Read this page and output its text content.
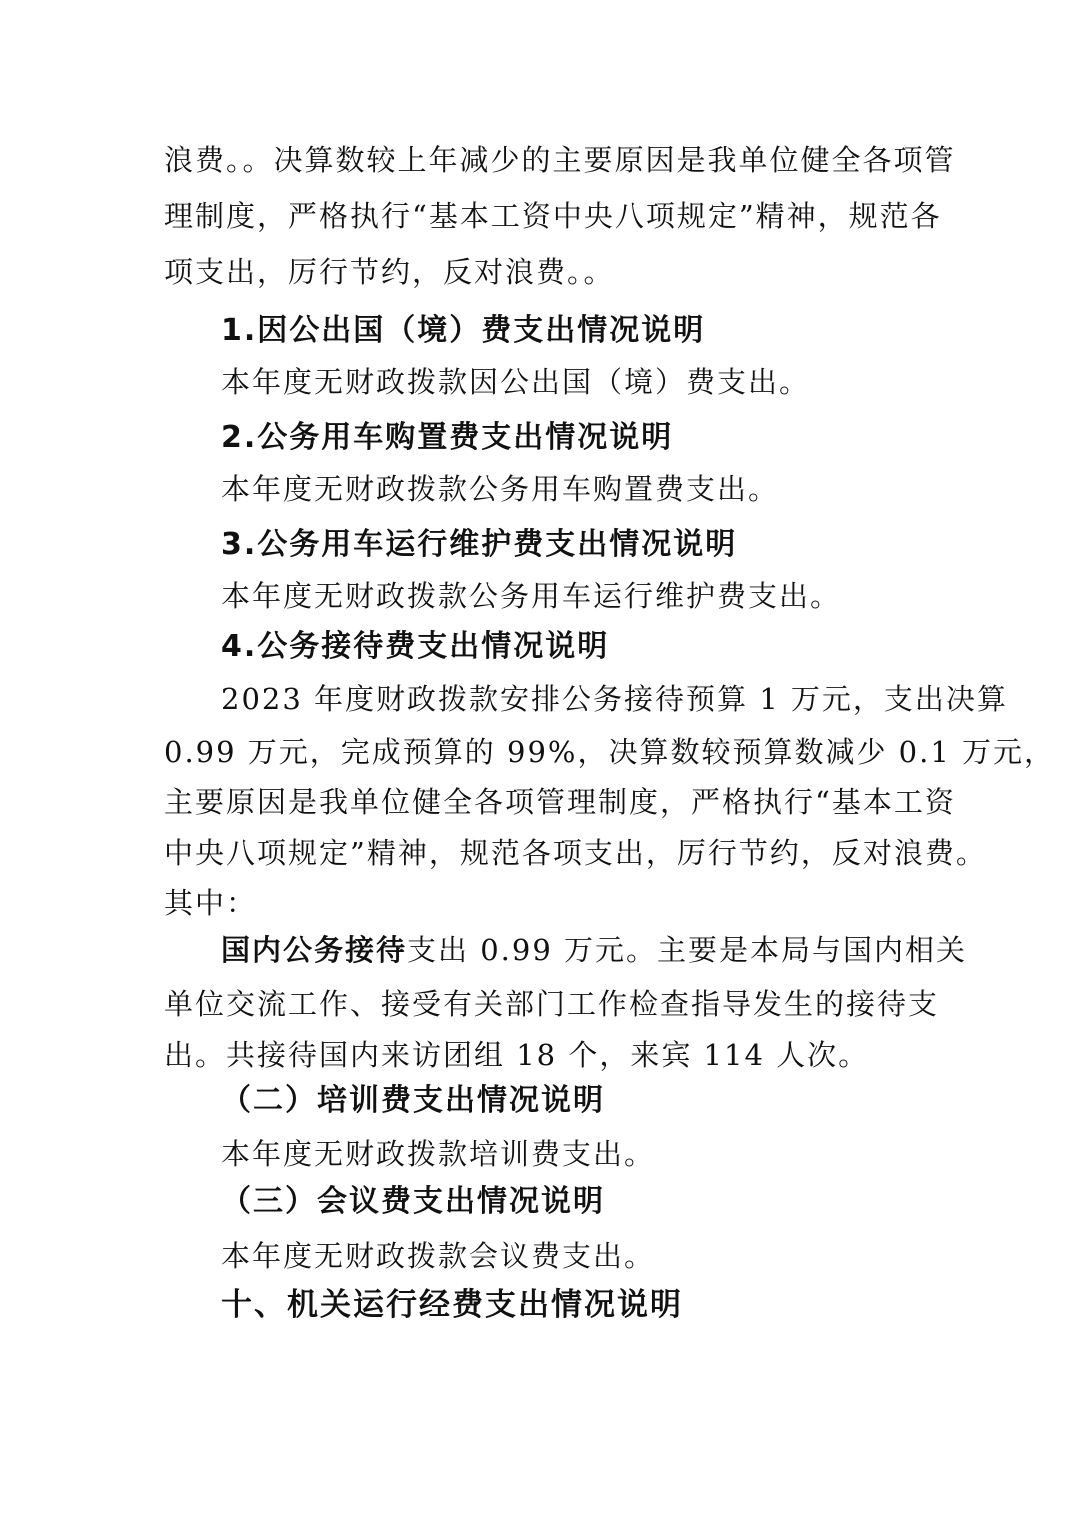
浪费。。决算数较上年减少的主要原因是我单位健全各项管
理制度，严格执行“基本工资中央八项规定”精神，规范各
项支出，厉行节约，反对浪费。。
1.因公出国（境）费支出情况说明
本年度无财政拨款因公出国（境）费支出。
2.公务用车购置费支出情况说明
本年度无财政拨款公务用车购置费支出。
3.公务用车运行维护费支出情况说明
本年度无财政拨款公务用车运行维护费支出。
4.公务接待费支出情况说明
2023 年度财政拨款安排公务接待预算 1 万元，支出决算
0.99 万元，完成预算的 99%，决算数较预算数减少 0.1 万元，
主要原因是我单位健全各项管理制度，严格执行“基本工资
中央八项规定”精神，规范各项支出，厉行节约，反对浪费。
其中：
国内公务接待支出 0.99 万元。主要是本局与国内相关
单位交流工作、接受有关部门工作检查指导发生的接待支
出。共接待国内来访团组 18 个，来宾 114 人次。
（二）培训费支出情况说明
本年度无财政拨款培训费支出。
（三）会议费支出情况说明
本年度无财政拨款会议费支出。
十、机关运行经费支出情况说明
